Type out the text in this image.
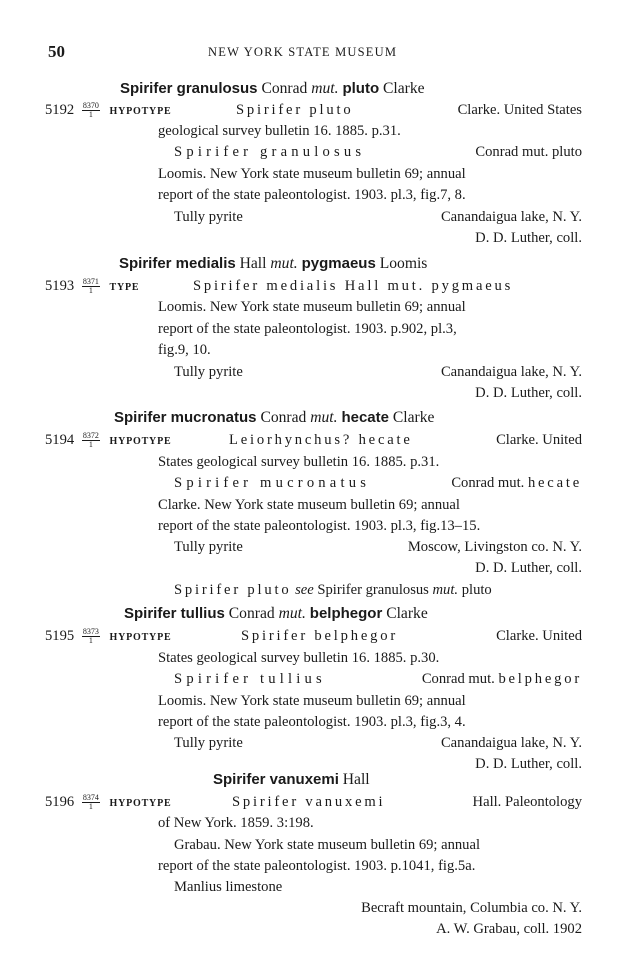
50	NEW YORK STATE MUSEUM
Spirifer granulosus Conrad mut. pluto Clarke
$5192 \frac{8370}{1}$ HYPOTYPE	Spirifer pluto	Clarke. United States
geological survey bulletin 16. 1885. p.31.
Spirifer granulosus	Conrad mut. pluto
Loomis. New York state museum bulletin 69; annual
report of the state paleontologist. 1903. pl.3, fig.7, 8.
Tully pyrite	Canandaigua lake, N. Y.
D. D. Luther, coll.
Spirifer medialis Hall mut. pygmaeus Loomis
$5193 \frac{8371}{1}$ TYPE	Spirifer medialis Hall mut. pygmaeus
Loomis. New York state museum bulletin 69; annual
report of the state paleontologist. 1903. p.902, pl.3,
fig.9, 10.
Tully pyrite	Canandaigua lake, N. Y.
D. D. Luther, coll.
Spirifer mucronatus Conrad mut. hecate Clarke
$5194 \frac{8372}{1}$ HYPOTYPE	Leiorhynchus? hecate	Clarke. United
States geological survey bulletin 16. 1885. p.31.
Spirifer mucronatus	Conrad mut. hecate
Clarke. New York state museum bulletin 69; annual
report of the state paleontologist. 1903. pl.3, fig.13–15.
Tully pyrite	Moscow, Livingston co. N. Y.
D. D. Luther, coll.
Spirifer pluto see Spirifer granulosus mut. pluto
Spirifer tullius Conrad mut. belphegor Clarke
$5195 \frac{8373}{1}$ HYPOTYPE	Spirifer belphegor	Clarke. United
States geological survey bulletin 16. 1885. p.30.
Spirifer tullius	Conrad mut. belphegor
Loomis. New York state museum bulletin 69; annual
report of the state paleontologist. 1903. pl.3, fig.3, 4.
Tully pyrite	Canandaigua lake, N. Y.
D. D. Luther, coll.
Spirifer vanuxemi Hall
$5196 \frac{8374}{1}$ HYPOTYPE	Spirifer vanuxemi	Hall. Paleontology
of New York. 1859. 3:198.
Grabau. New York state museum bulletin 69; annual
report of the state paleontologist. 1903. p.1041, fig.5a.
Manlius limestone
Becraft mountain, Columbia co. N. Y.
A. W. Grabau, coll. 1902
